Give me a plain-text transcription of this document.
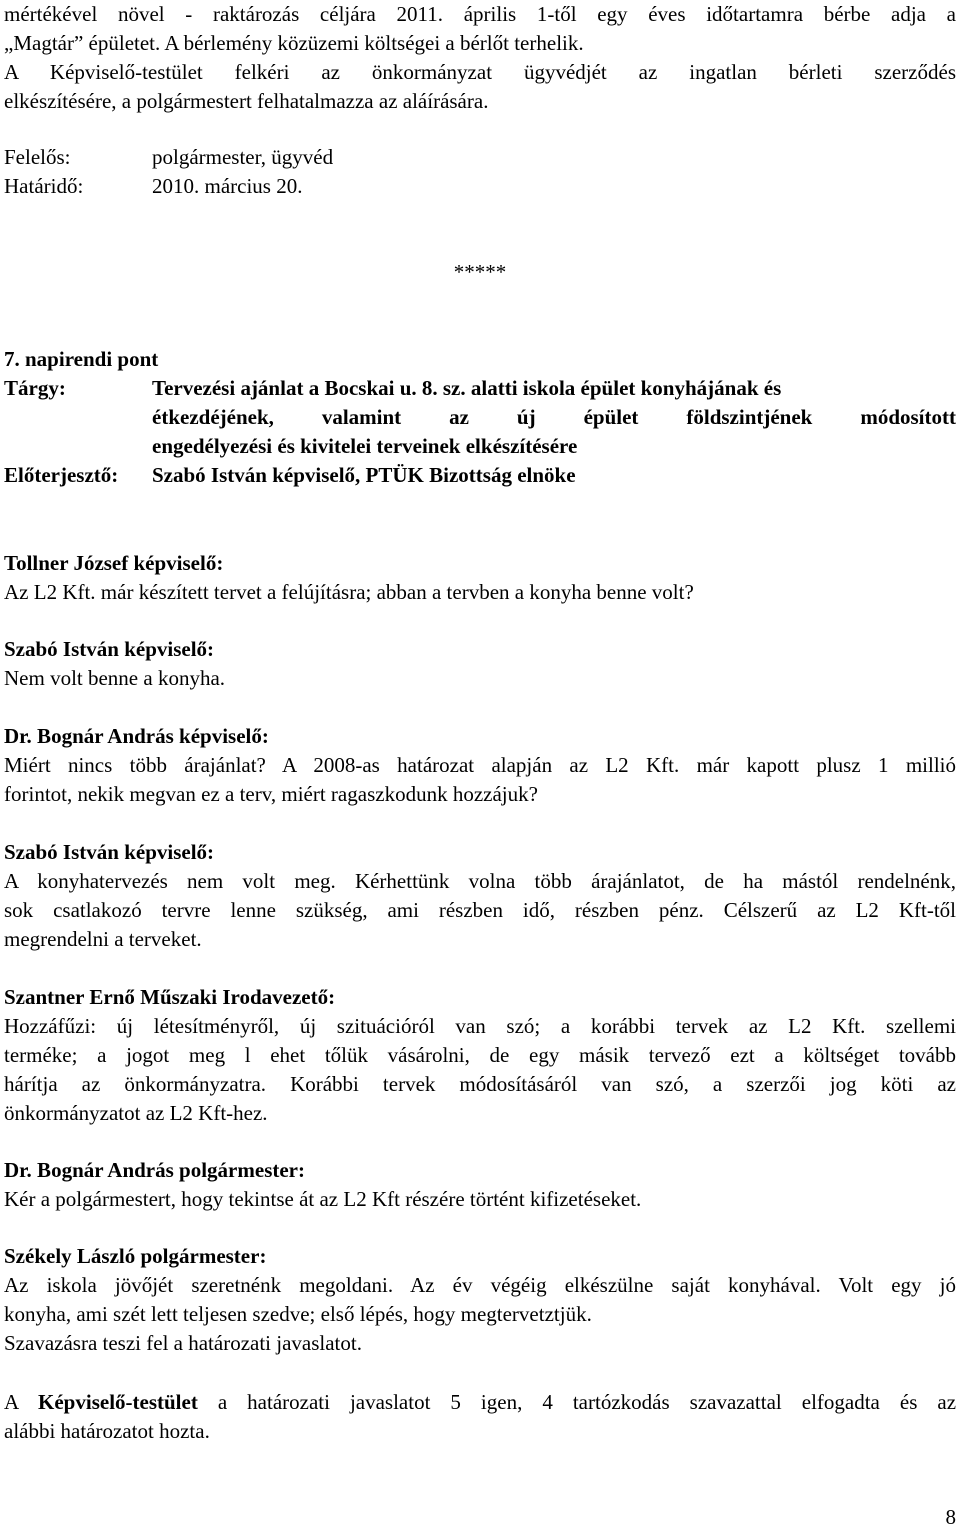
mértékével növel - raktározás céljára 2011. április 1-től egy éves időtartamra bérbe adja a
„Magtár” épületet. A bérlemény közüzemi költségei a bérlőt terhelik.
A Képviselő-testület felkéri az önkormányzat ügyvédjét az ingatlan bérleti szerződés
elkészítésére, a polgármestert felhatalmazza az aláírására.
Felelős:	polgármester, ügyvéd
Határidő:	2010. március 20.
*****
7. napirendi pont
Tárgy:	Tervezési ajánlat a Bocskai u. 8. sz. alatti iskola épület konyhájának és
étkezdéjének, valamint az új épület földszintjének módosított
engedélyezési és kivitelei terveinek elkészítésére
Előterjesztő:	Szabó István képviselő, PTÜK Bizottság elnöke
Tollner József képviselő:
Az L2 Kft. már készített tervet a felújításra; abban a tervben a konyha benne volt?
Szabó István képviselő:
Nem volt benne a konyha.
Dr. Bognár András képviselő:
Miért nincs több árajánlat? A 2008-as határozat alapján az L2 Kft. már kapott plusz 1 millió
forintot, nekik megvan ez a terv, miért ragaszkodunk hozzájuk?
Szabó István képviselő:
A konyhatervezés nem volt meg. Kérhettünk volna több árajánlatot, de ha mástól rendelnénk,
sok csatlakozó tervre lenne szükség, ami részben idő, részben pénz. Célszerű az L2 Kft-től
megrendelni a terveket.
Szantner Ernő Műszaki Irodavezető:
Hozzáfűzi: új létesítményről, új szituációról van szó; a korábbi tervek az L2 Kft. szellemi
terméke; a jogot meg l ehet tőlük vásárolni, de egy másik tervező ezt a költséget tovább
hárítja az önkormányzatra. Korábbi tervek módosításáról van szó, a szerzői jog köti az
önkormányzatot az L2 Kft-hez.
Dr. Bognár András polgármester:
Kér a polgármestert, hogy tekintse át az L2 Kft részére történt kifizetéseket.
Székely László polgármester:
Az iskola jövőjét szeretnénk megoldani. Az év végéig elkészülne saját konyhával. Volt egy jó
konyha, ami szét lett teljesen szedve; első lépés, hogy megtervetztjük.
Szavazásra teszi fel a határozati javaslatot.
A Képviselő-testület a határozati javaslatot 5 igen, 4 tartózkodás szavazattal elfogadta és az
alábbi határozatot hozta.
8
